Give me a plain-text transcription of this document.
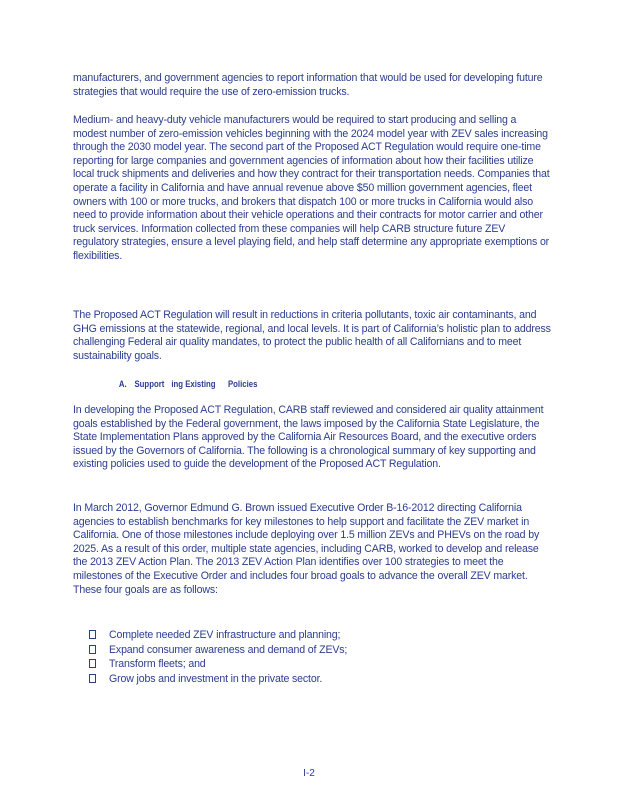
manufacturers, and government agencies to report information that would be used for developing future strategies that would require the use of zero-emission trucks.

Medium- and heavy-duty vehicle manufacturers would be required to start producing and selling a modest number of zero-emission vehicles beginning with the 2024 model year with ZEV sales increasing through the 2030 model year. The second part of the Proposed ACT Regulation would require one-time reporting for large companies and government agencies of information about how their facilities utilize local truck shipments and deliveries and how they contract for their transportation needs. Companies that operate a facility in California and have annual revenue above $50 million government agencies, fleet owners with 100 or more trucks, and brokers that dispatch 100 or more trucks in California would also need to provide information about their vehicle operations and their contracts for motor carrier and other truck services. Information collected from these companies will help CARB structure future ZEV regulatory strategies, ensure a level playing field, and help staff determine any appropriate exemptions or flexibilities.

The Proposed ACT Regulation will result in reductions in criteria pollutants, toxic air contaminants, and GHG emissions at the statewide, regional, and local levels. It is part of California’s holistic plan to address challenging Federal air quality mandates, to protect the public health of all Californians and to meet sustainability goals.

A. Support ing Existing Policies

In developing the Proposed ACT Regulation, CARB staff reviewed and considered air quality attainment goals established by the Federal government, the laws imposed by the California State Legislature, the State Implementation Plans approved by the California Air Resources Board, and the executive orders issued by the Governors of California. The following is a chronological summary of key supporting and existing policies used to guide the development of the Proposed ACT Regulation.

In March 2012, Governor Edmund G. Brown issued Executive Order B-16-2012 directing California agencies to establish benchmarks for key milestones to help support and facilitate the ZEV market in California. One of those milestones include deploying over 1.5 million ZEVs and PHEVs on the road by 2025. As a result of this order, multiple state agencies, including CARB, worked to develop and release the 2013 ZEV Action Plan. The 2013 ZEV Action Plan identifies over 100 strategies to meet the milestones of the Executive Order and includes four broad goals to advance the overall ZEV market. These four goals are as follows:

Complete needed ZEV infrastructure and planning;
Expand consumer awareness and demand of ZEVs;
Transform fleets; and
Grow jobs and investment in the private sector.
I-2
